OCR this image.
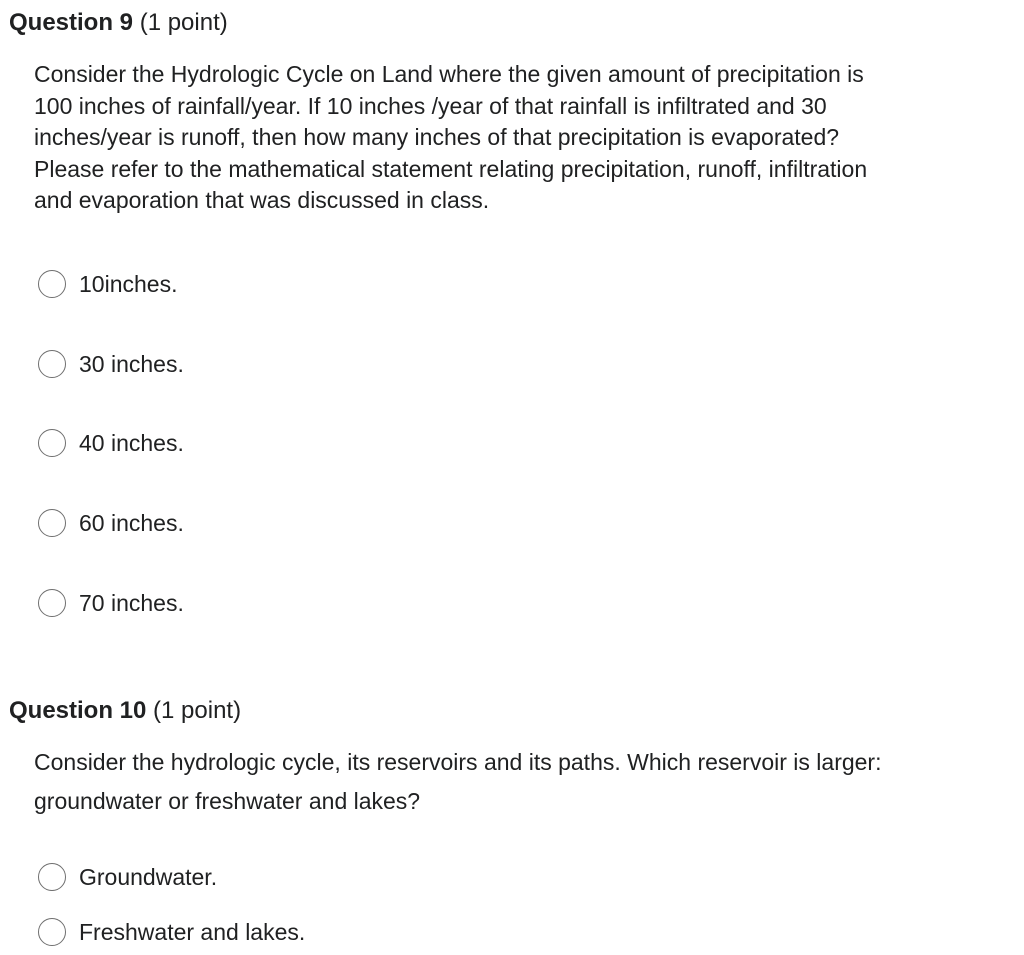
Question 9 (1 point)

Consider the Hydrologic Cycle on Land where the given amount of precipitation is
100 inches of rainfall/year. If 10 inches /year of that rainfall is infiltrated and 30
inches/year is runoff, then how many inches of that precipitation is evaporated?
Please refer to the mathematical statement relating precipitation, runoff, infiltration
and evaporation that was discussed in class.

10inches.
30 inches.
40 inches.
60 inches.
70 inches.
Question 10 (1 point)

Consider the hydrologic cycle, its reservoirs and its paths. Which reservoir is larger:
groundwater or freshwater and lakes?

Groundwater.
Freshwater and lakes.
